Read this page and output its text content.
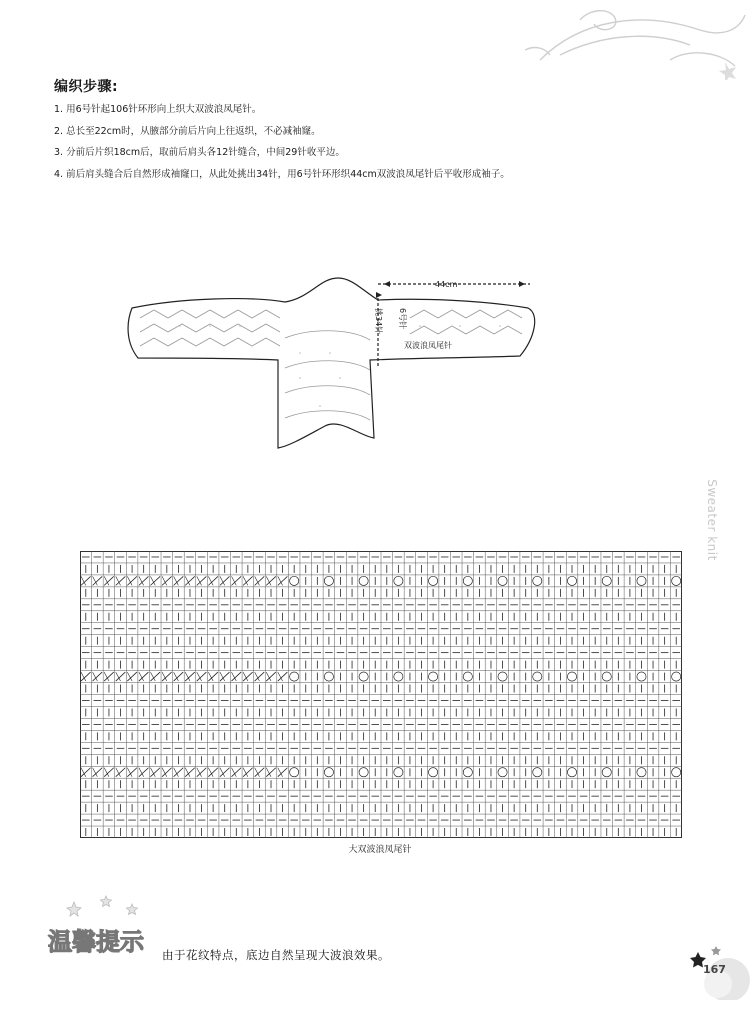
编织步骤:
1. 用6号针起106针环形向上织大双波浪凤尾针。
2. 总长至22cm时，从腋部分前后片向上往返织，不必减袖窿。
3. 分前后片织18cm后，取前后肩头各12针缝合，中间29针收平边。
4. 前后肩头缝合后自然形成袖窿口，从此处挑出34针，用6号针环形织44cm双波浪凤尾针后平收形成袖子。
44cm
挑34针 6号针
双波浪凤尾针
Sweater knit
大双波浪凤尾针
温馨提示 由于花纹特点，底边自然呈现大波浪效果。
167
